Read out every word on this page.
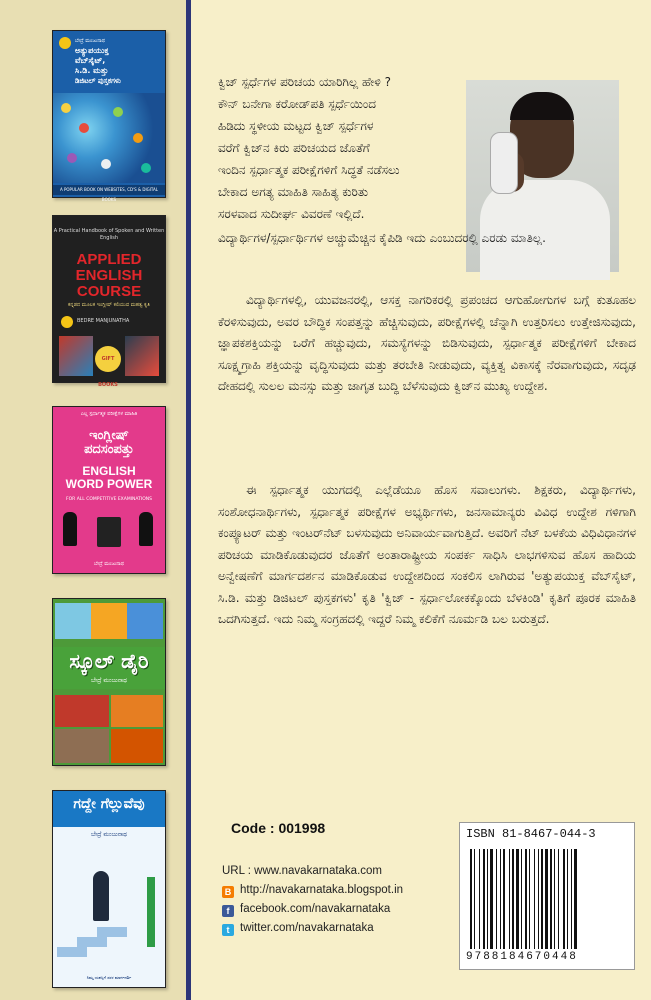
ಬೇದ್ರೆ ಮಂಜುನಾಥ
ಅತ್ಯುಪಯುಕ್ತ
ವೆಬ್‌ಸೈಟ್,
ಸಿ.ಡಿ. ಮತ್ತು
ಡಿಜಿಟಲ್ ಪುಸ್ತಕಗಳು
A POPULAR BOOK ON WEBSITES, CD'S & DIGITAL BOOKS
A Practical Handbook of Spoken and Written English
APPLIED
ENGLISH
COURSE
ಕನ್ನಡದ ಮೂಲಕ ಇಂಗ್ಲೀಷ್ ಕಲಿಯುವ ಮಹತ್ವ ಕೃತಿ
BEDRE MANJUNATHA
GIFT BOOKS
ಎಲ್ಲ ಸ್ಪರ್ಧಾತ್ಮಕ ಪರೀಕ್ಷೆಗಳ ಮಾಹಿತಿ
ಇಂಗ್ಲೀಷ್
ಪದಸಂಪತ್ತು
ENGLISH
WORD POWER
FOR ALL COMPETITIVE EXAMINATIONS
ಬೇದ್ರೆ ಮಂಜುನಾಥ
ಸ್ಕೂಲ್ ಡೈರಿ
ಬೇದ್ರೆ ಮಂಜುನಾಥ
ಗದ್ದೇ ಗೆಲ್ಲುವೆವು
ಬೇದ್ರೆ ಮಂಜುನಾಥ
ನಿಮ್ಮ ಯಶಸ್ಸಿಗೆ ಸರಳ ಮಾರ್ಗದರ್ಶಿ

ಕ್ವಿಜ್ ಸ್ಪರ್ಧೆಗಳ ಪರಿಚಯ ಯಾರಿಗಿಲ್ಲ ಹೇಳಿ ?

ಕೌನ್ ಬನೇಗಾ ಕರೋಡ್‌ಪತಿ ಸ್ಪರ್ಧೆಯಿಂದ

ಹಿಡಿದು ಸ್ಥಳೀಯ ಮಟ್ಟದ ಕ್ವಿಜ್ ಸ್ಪರ್ಧೆಗಳ

ವರೆಗೆ ಕ್ವಿಜ್‌ನ ಕಿರು ಪರಿಚಯದ ಜೊತೆಗೆ

ಇಂದಿನ ಸ್ಪರ್ಧಾತ್ಮಕ ಪರೀಕ್ಷೆಗಳಿಗೆ ಸಿದ್ಧತೆ ನಡೆಸಲು

ಬೇಕಾದ ಅಗತ್ಯ ಮಾಹಿತಿ ಸಾಹಿತ್ಯ ಕುರಿತು

ಸರಳವಾದ ಸುದೀರ್ಘ ವಿವರಣೆ ಇಲ್ಲಿದೆ.

ವಿದ್ಯಾರ್ಥಿಗಳ/ಸ್ಪರ್ಧಾರ್ಥಿಗಳ ಅಚ್ಚುಮೆಚ್ಚಿನ ಕೈಪಿಡಿ ಇದು ಎಂಬುದರಲ್ಲಿ ಎರಡು ಮಾತಿಲ್ಲ.

ವಿದ್ಯಾರ್ಥಿಗಳಲ್ಲಿ, ಯುವಜನರಲ್ಲಿ, ಆಸಕ್ತ ನಾಗರಿಕರಲ್ಲಿ ಪ್ರಪಂಚದ ಆಗುಹೋಗುಗಳ ಬಗ್ಗೆ ಕುತೂಹಲ ಕೆರಳಿಸುವುದು, ಅವರ ಬೌದ್ಧಿಕ ಸಂಪತ್ತನ್ನು ಹೆಚ್ಚಿಸುವುದು, ಪರೀಕ್ಷೆಗಳಲ್ಲಿ ಚೆನ್ನಾಗಿ ಉತ್ತರಿಸಲು ಉತ್ತೇಜಿಸುವುದು, ಜ್ಞಾಪಕಶಕ್ತಿಯನ್ನು ಒರೆಗೆ ಹಚ್ಚುವುದು, ಸಮಸ್ಯೆಗಳನ್ನು ಬಿಡಿಸುವುದು, ಸ್ಪರ್ಧಾತ್ಮಕ ಪರೀಕ್ಷೆಗಳಿಗೆ ಬೇಕಾದ ಸೂಕ್ಷ್ಮಗ್ರಾಹಿ ಶಕ್ತಿಯನ್ನು ವೃದ್ಧಿಸುವುದು ಮತ್ತು ತರಬೇತಿ ನೀಡುವುದು, ವ್ಯಕ್ತಿತ್ವ ವಿಕಾಸಕ್ಕೆ ನೆರವಾಗುವುದು, ಸದೃಢ ದೇಹದಲ್ಲಿ ಸುಲಲ ಮನಸ್ಸು ಮತ್ತು ಜಾಗೃತ ಬುದ್ಧಿ ಬೆಳೆಸುವುದು ಕ್ವಿಜ್‌ನ ಮುಖ್ಯ ಉದ್ದೇಶ.

ಈ ಸ್ಪರ್ಧಾತ್ಮಕ ಯುಗದಲ್ಲಿ ಎಲ್ಲೆಡೆಯೂ ಹೊಸ ಸವಾಲುಗಳು. ಶಿಕ್ಷಕರು, ವಿದ್ಯಾರ್ಥಿಗಳು, ಸಂಶೋಧನಾರ್ಥಿಗಳು, ಸ್ಪರ್ಧಾತ್ಮಕ ಪರೀಕ್ಷೆಗಳ ಅಭ್ಯರ್ಥಿಗಳು, ಜನಸಾಮಾನ್ಯರು ವಿವಿಧ ಉದ್ದೇಶ ಗಳಿಗಾಗಿ ಕಂಪ್ಯೂಟರ್ ಮತ್ತು ಇಂಟರ್‌ನೆಟ್ ಬಳಸುವುದು ಅನಿವಾರ್ಯವಾಗುತ್ತಿದೆ. ಅವರಿಗೆ ನೆಟ್ ಬಳಕೆಯ ವಿಧಿವಿಧಾನಗಳ ಪರಿಚಯ ಮಾಡಿಕೊಡುವುದರ ಜೊತೆಗೆ ಅಂತಾರಾಷ್ಟ್ರೀಯ ಸಂಪರ್ಕ ಸಾಧಿಸಿ ಲಾಭಗಳಿಸುವ ಹೊಸ ಹಾದಿಯ ಅನ್ವೇಷಣೆಗೆ ಮಾರ್ಗದರ್ಶನ ಮಾಡಿಕೊಡುವ ಉದ್ದೇಶದಿಂದ ಸಂಕಲಿಸ ಲಾಗಿರುವ 'ಅತ್ಯುಪಯುಕ್ತ ವೆಬ್‌ಸೈಟ್, ಸಿ.ಡಿ. ಮತ್ತು ಡಿಜಿಟಲ್ ಪುಸ್ತಕಗಳು' ಕೃತಿ 'ಕ್ವಿಜ್ - ಸ್ಪರ್ಧಾಲೋಕಕ್ಕೊಂದು ಬೆಳಕಿಂಡಿ' ಕೃತಿಗೆ ಪೂರಕ ಮಾಹಿತಿ ಒದಗಿಸುತ್ತದೆ. ಇದು ನಿಮ್ಮ ಸಂಗ್ರಹದಲ್ಲಿ ಇದ್ದರೆ ನಿಮ್ಮ ಕಲಿಕೆಗೆ ನೂರ್ಮಡಿ ಬಲ ಬರುತ್ತದೆ.

Code : 001998
URL : www.navakarnataka.com
B http://navakarnataka.blogspot.in
f facebook.com/navakarnataka
t twitter.com/navakarnataka
ISBN 81-8467-044-3
9788184670448
